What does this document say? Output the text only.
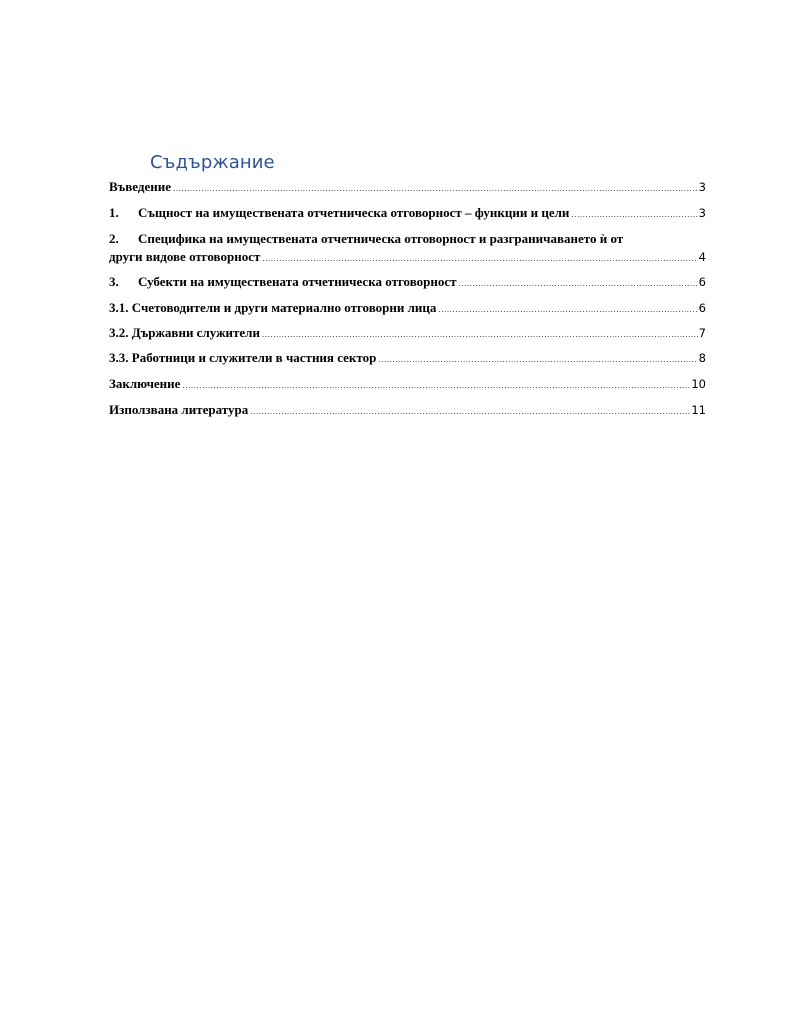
Съдържание
Въведение .....	3
1.	Същност на имуществената отчетническа отговорност – функции и цели .....	3
2.	Специфика на имуществената отчетническа отговорност и разграничаването ѝ от
други видове отговорност .....	4
3.	Субекти на имуществената отчетническа отговорност .....	6
3.1. Счетоводители и други материално отговорни лица .....	6
3.2. Държавни служители .....	7
3.3. Работници и служители в частния сектор .....	8
Заключение .....	10
Използвана литература .....	11
